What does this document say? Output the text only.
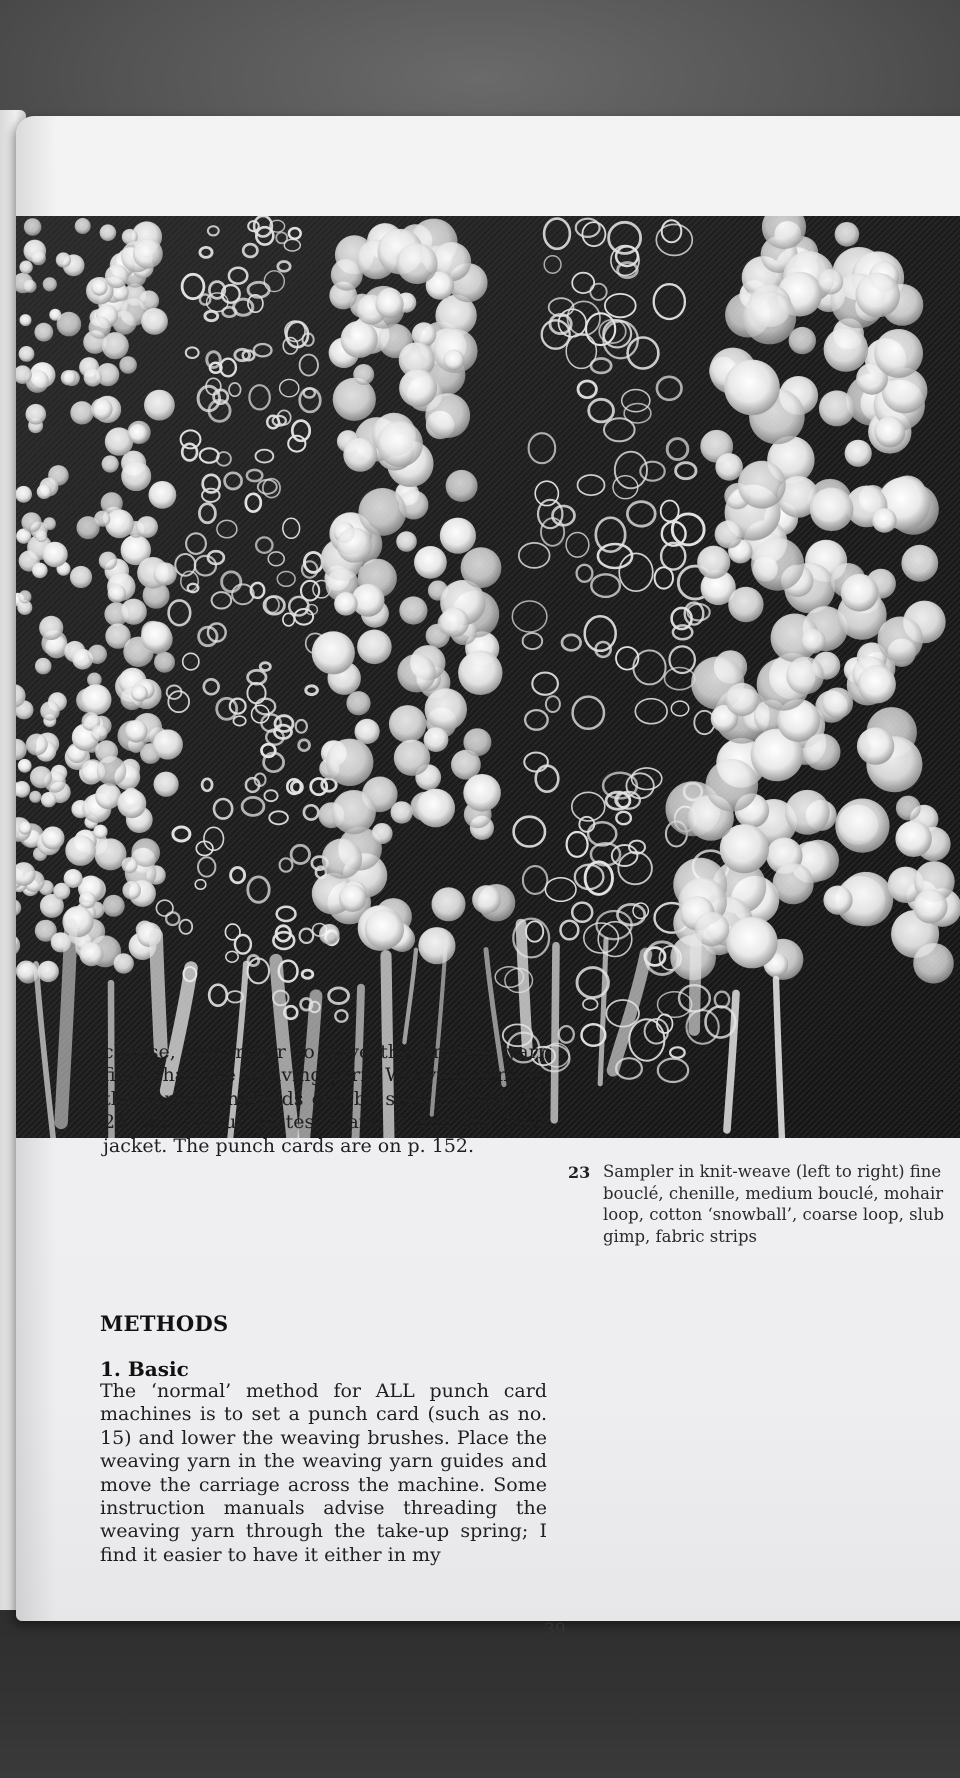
choose, remember to have the knitting yarn finer than the weaving yarn. Weaving done by the various methods can be seen in Figs. 23, 24, 25, colour plates 1 and 2 and the back jacket. The punch cards are on p. 152.

METHODS
1. Basic

The ‘normal’ method for ALL punch card machines is to set a punch card (such as no. 15) and lower the weaving brushes. Place the weaving yarn in the weaving yarn guides and move the carriage across the machine. Some instruction manuals advise threading the weaving yarn through the take-up spring; I find it easier to have it either in my

23 Sampler in knit-weave (left to right) fine bouclé, chenille, medium bouclé, mohair loop, cotton ‘snowball’, coarse loop, slub gimp, fabric strips
39
